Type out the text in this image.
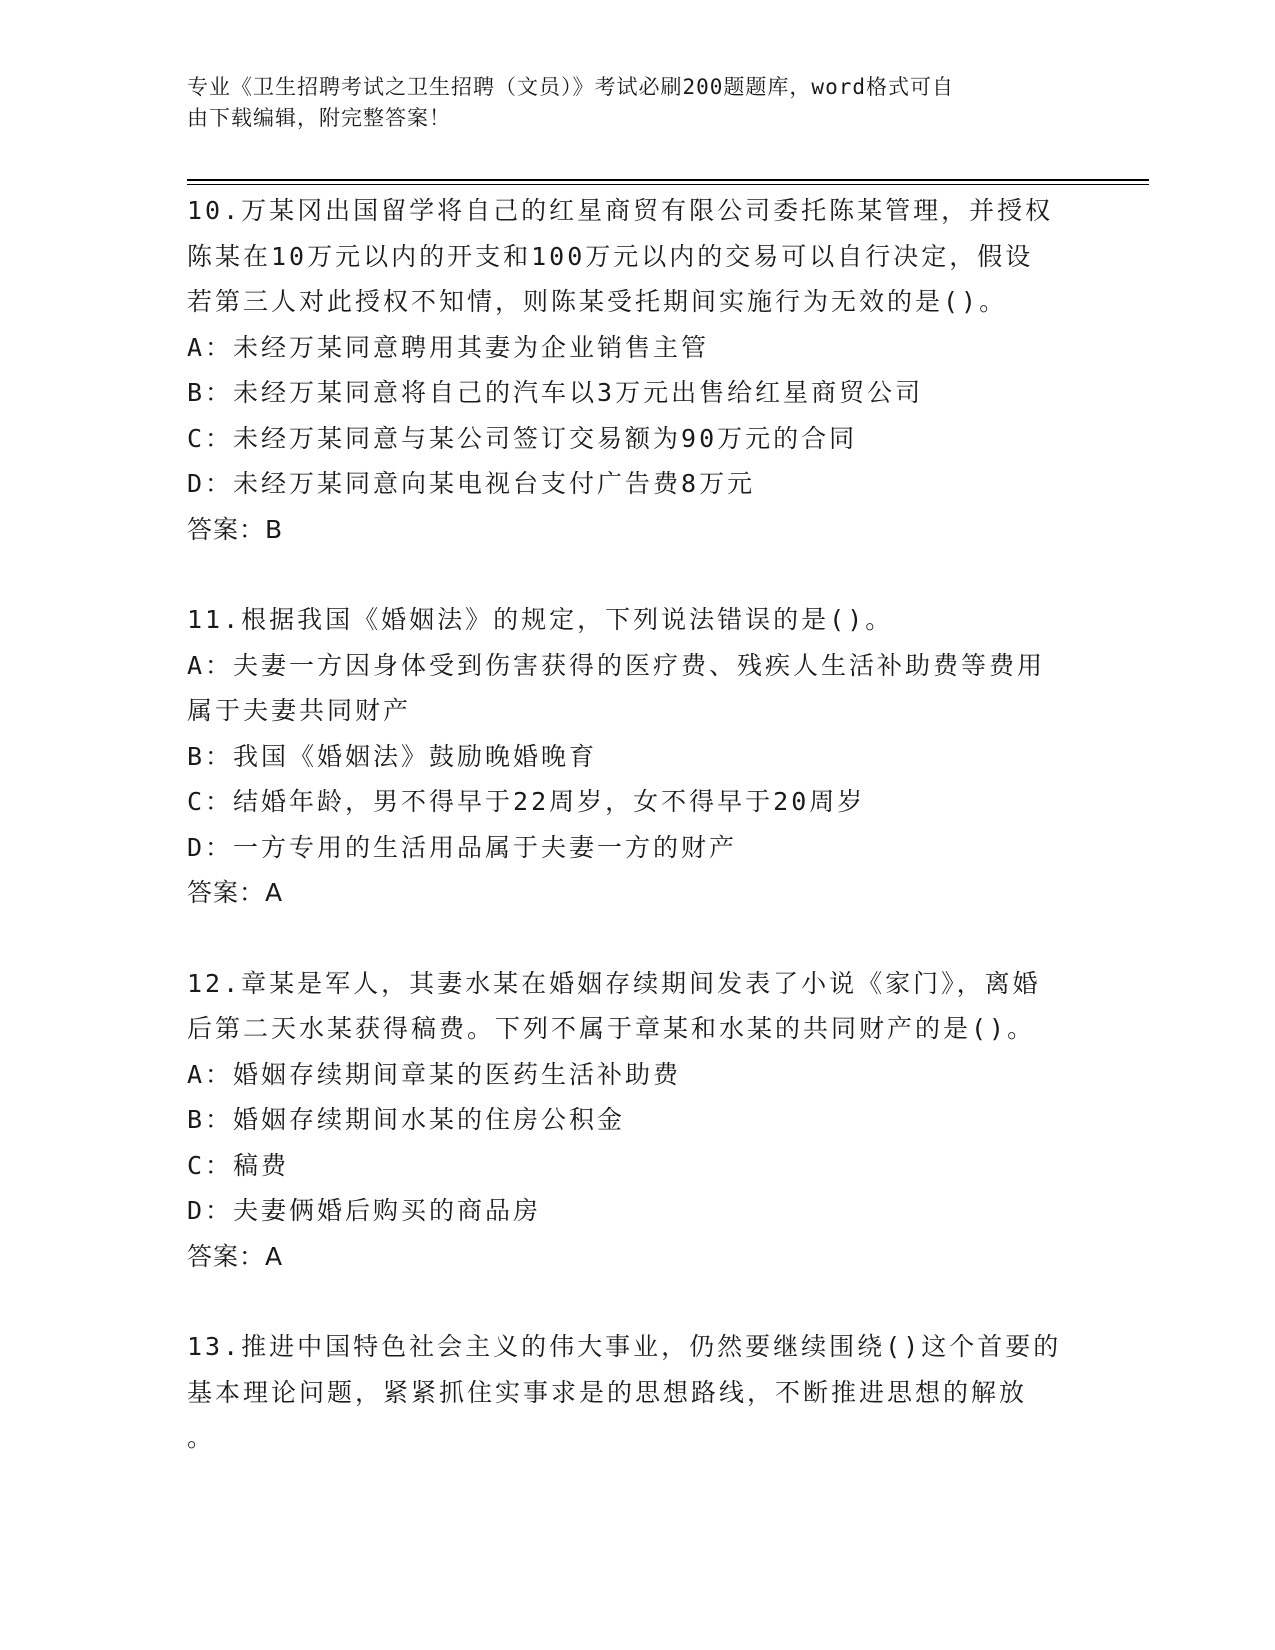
专业《卫生招聘考试之卫生招聘（文员）》考试必刷200题题库，word格式可自
由下载编辑，附完整答案！

10.万某冈出国留学将自己的红星商贸有限公司委托陈某管理，并授权

陈某在10万元以内的开支和100万元以内的交易可以自行决定，假设

若第三人对此授权不知情，则陈某受托期间实施行为无效的是()。

A：未经万某同意聘用其妻为企业销售主管

B：未经万某同意将自己的汽车以3万元出售给红星商贸公司

C：未经万某同意与某公司签订交易额为90万元的合同

D：未经万某同意向某电视台支付广告费8万元

答案：B

11.根据我国《婚姻法》的规定，下列说法错误的是()。

A：夫妻一方因身体受到伤害获得的医疗费、残疾人生活补助费等费用

属于夫妻共同财产

B：我国《婚姻法》鼓励晚婚晚育

C：结婚年龄，男不得早于22周岁，女不得早于20周岁

D：一方专用的生活用品属于夫妻一方的财产

答案：A

12.章某是军人，其妻水某在婚姻存续期间发表了小说《家门》，离婚

后第二天水某获得稿费。下列不属于章某和水某的共同财产的是()。

A：婚姻存续期间章某的医药生活补助费

B：婚姻存续期间水某的住房公积金

C：稿费

D：夫妻俩婚后购买的商品房

答案：A

13.推进中国特色社会主义的伟大事业，仍然要继续围绕()这个首要的

基本理论问题，紧紧抓住实事求是的思想路线，不断推进思想的解放

。
